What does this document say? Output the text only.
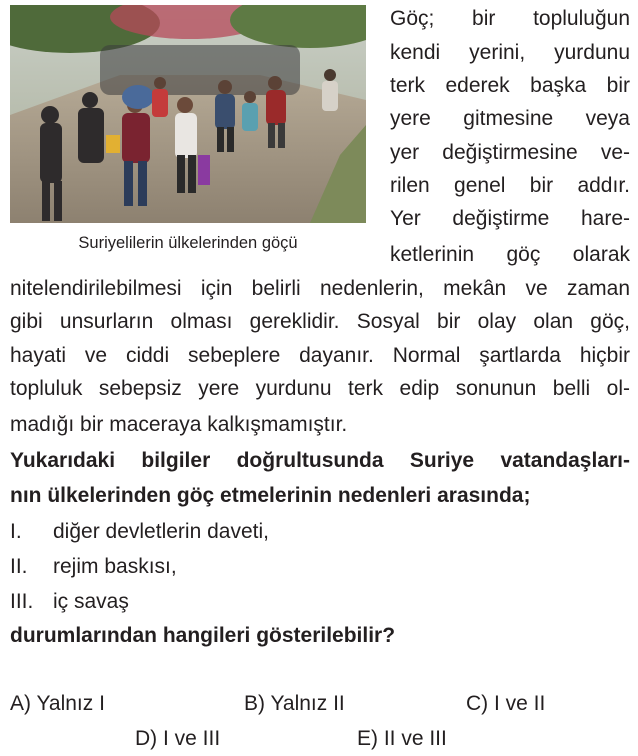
Suriyelilerin ülkelerinden göçü
Göç; bir topluluğun
kendi yerini, yurdunu
terk ederek başka bir
yere gitmesine veya
yer değiştirmesine ve-
rilen genel bir addır.
Yer değiştirme hare-
ketlerinin göç olarak
nitelendirilebilmesi için belirli nedenlerin, mekân ve zaman
gibi unsurların olması gereklidir. Sosyal bir olay olan göç,
hayati ve ciddi sebeplere dayanır. Normal şartlarda hiçbir
topluluk sebepsiz yere yurdunu terk edip sonunun belli ol-
madığı bir maceraya kalkışmamıştır.
Yukarıdaki bilgiler doğrultusunda Suriye vatandaşları-
nın ülkelerinden göç etmelerinin nedenleri arasında;
I. diğer devletlerin daveti,
II. rejim baskısı,
III. iç savaş
durumlarından hangileri gösterilebilir?
A) Yalnız I	B) Yalnız II	C) I ve II
D) I ve III	E) II ve III
